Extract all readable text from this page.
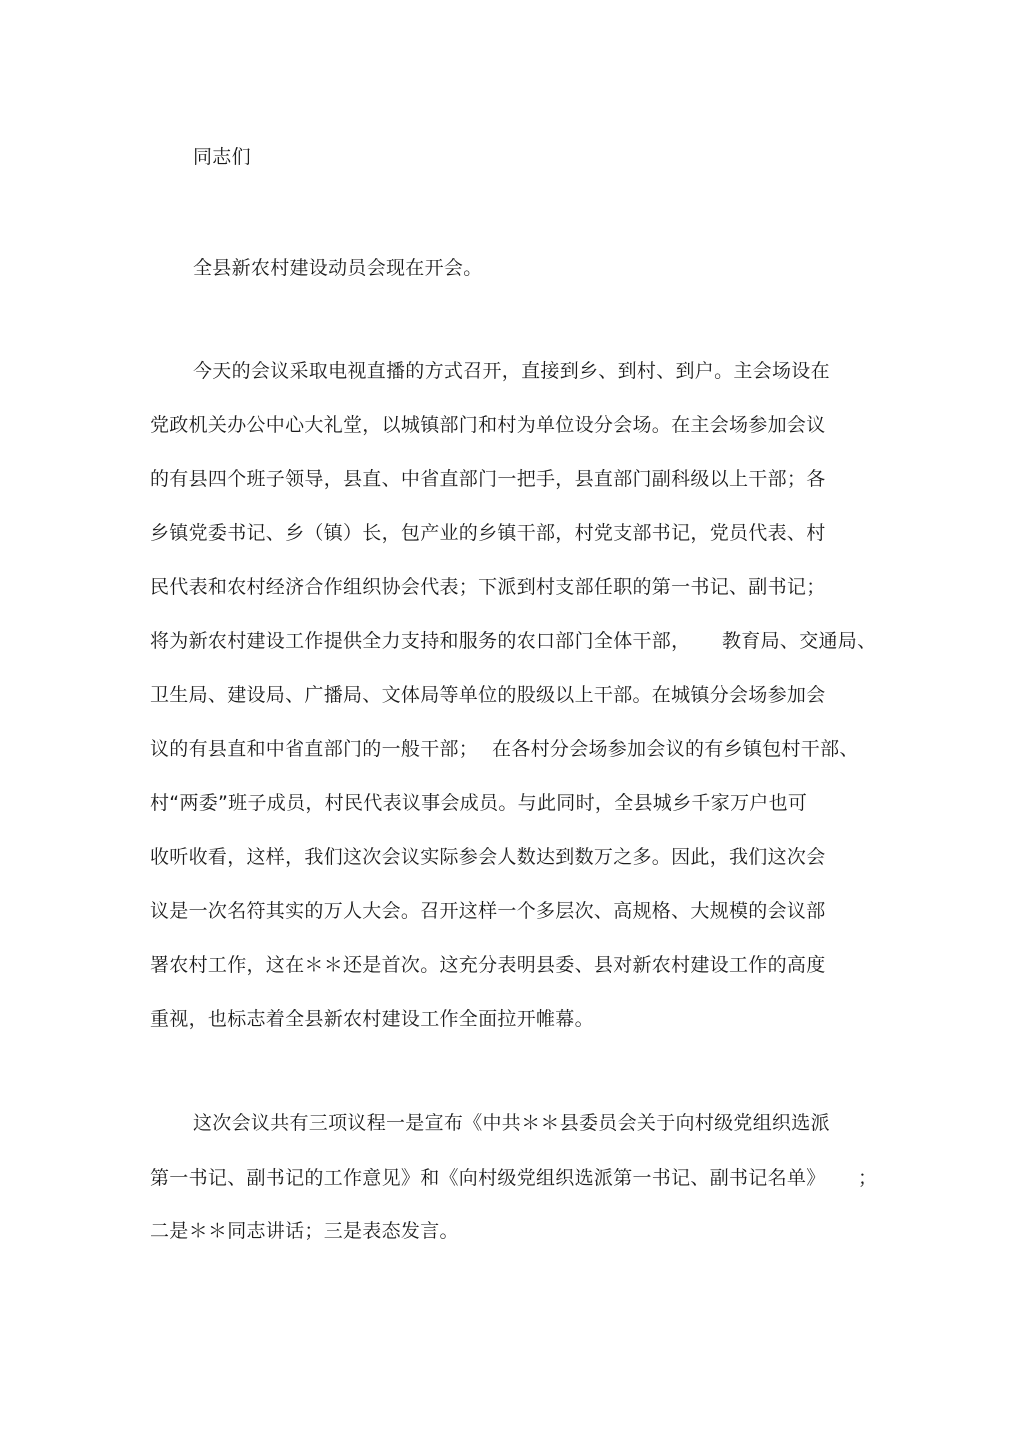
同志们
全县新农村建设动员会现在开会。
今天的会议采取电视直播的方式召开，直接到乡、到村、到户。主会场设在
党政机关办公中心大礼堂，以城镇部门和村为单位设分会场。在主会场参加会议
的有县四个班子领导，县直、中省直部门一把手，县直部门副科级以上干部；各
乡镇党委书记、乡（镇）长，包产业的乡镇干部，村党支部书记，党员代表、村
民代表和农村经济合作组织协会代表；下派到村支部任职的第一书记、副书记；
将为新农村建设工作提供全力支持和服务的农口部门全体干部， 教育局、交通局、
卫生局、建设局、广播局、文体局等单位的股级以上干部。在城镇分会场参加会
议的有县直和中省直部门的一般干部； 在各村分会场参加会议的有乡镇包村干部、
村“两委”班子成员，村民代表议事会成员。与此同时，全县城乡千家万户也可
收听收看，这样，我们这次会议实际参会人数达到数万之多。因此，我们这次会
议是一次名符其实的万人大会。召开这样一个多层次、高规格、大规模的会议部
署农村工作，这在＊＊还是首次。这充分表明县委、县对新农村建设工作的高度
重视，也标志着全县新农村建设工作全面拉开帷幕。
这次会议共有三项议程一是宣布《中共＊＊县委员会关于向村级党组织选派
第一书记、副书记的工作意见》和《向村级党组织选派第一书记、副书记名单》 ；
二是＊＊同志讲话；三是表态发言。
